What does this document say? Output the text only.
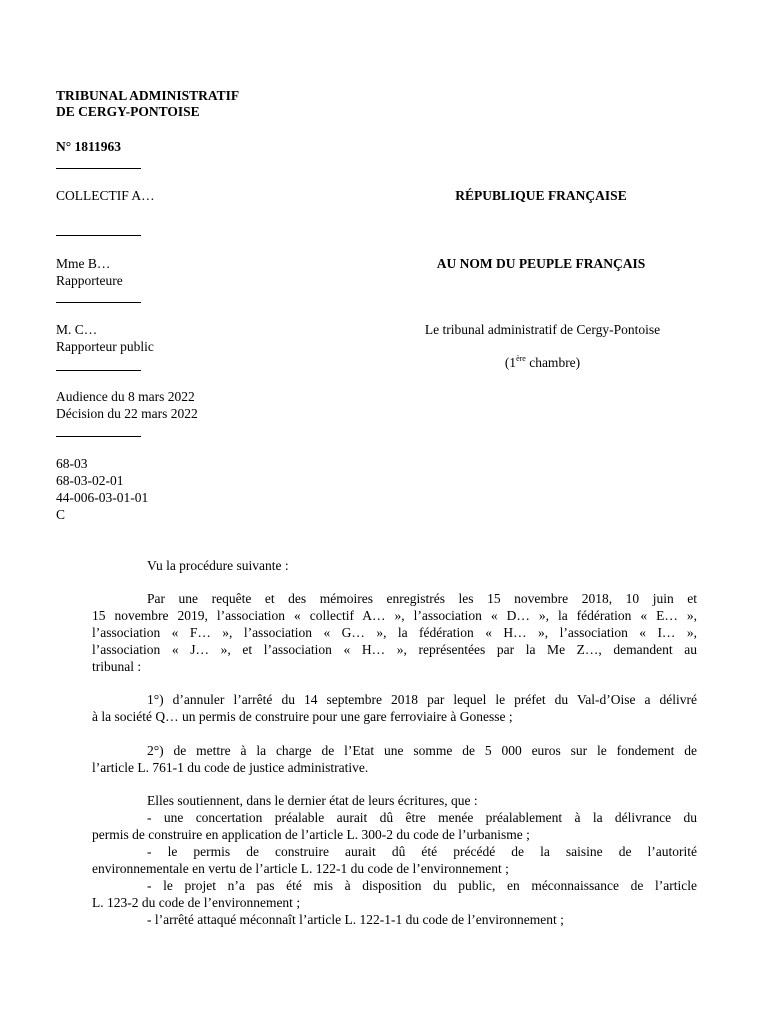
TRIBUNAL ADMINISTRATIF
DE CERGY-PONTOISE
N° 1811963
COLLECTIF A…
Mme B…
Rapporteure
M. C…
Rapporteur public
Audience du 8 mars 2022
Décision du 22 mars 2022
68-03
68-03-02-01
44-006-03-01-01
C
RÉPUBLIQUE FRANÇAISE
AU NOM DU PEUPLE FRANÇAIS
Le tribunal administratif de Cergy-Pontoise
(1ère chambre)
Vu la procédure suivante :
Par une requête et des mémoires enregistrés les 15 novembre 2018, 10 juin et
15 novembre 2019, l’association « collectif A… », l’association « D… », la fédération « E… »,
l’association « F… », l’association « G… », la fédération « H… », l’association « I… »,
l’association « J… », et l’association « H… », représentées par la Me Z…, demandent au
tribunal :
1°) d’annuler l’arrêté du 14 septembre 2018 par lequel le préfet du Val-d’Oise a délivré
à la société Q… un permis de construire pour une gare ferroviaire à Gonesse ;
2°) de mettre à la charge de l’Etat une somme de 5 000 euros sur le fondement de
l’article L. 761-1 du code de justice administrative.
Elles soutiennent, dans le dernier état de leurs écritures, que :
- une concertation préalable aurait dû être menée préalablement à la délivrance du
permis de construire en application de l’article L. 300-2 du code de l’urbanisme ;
- le permis de construire aurait dû été précédé de la saisine de l’autorité
environnementale en vertu de l’article L. 122-1 du code de l’environnement ;
- le projet n’a pas été mis à disposition du public, en méconnaissance de l’article
L. 123-2 du code de l’environnement ;
- l’arrêté attaqué méconnaît l’article L. 122-1-1 du code de l’environnement ;
